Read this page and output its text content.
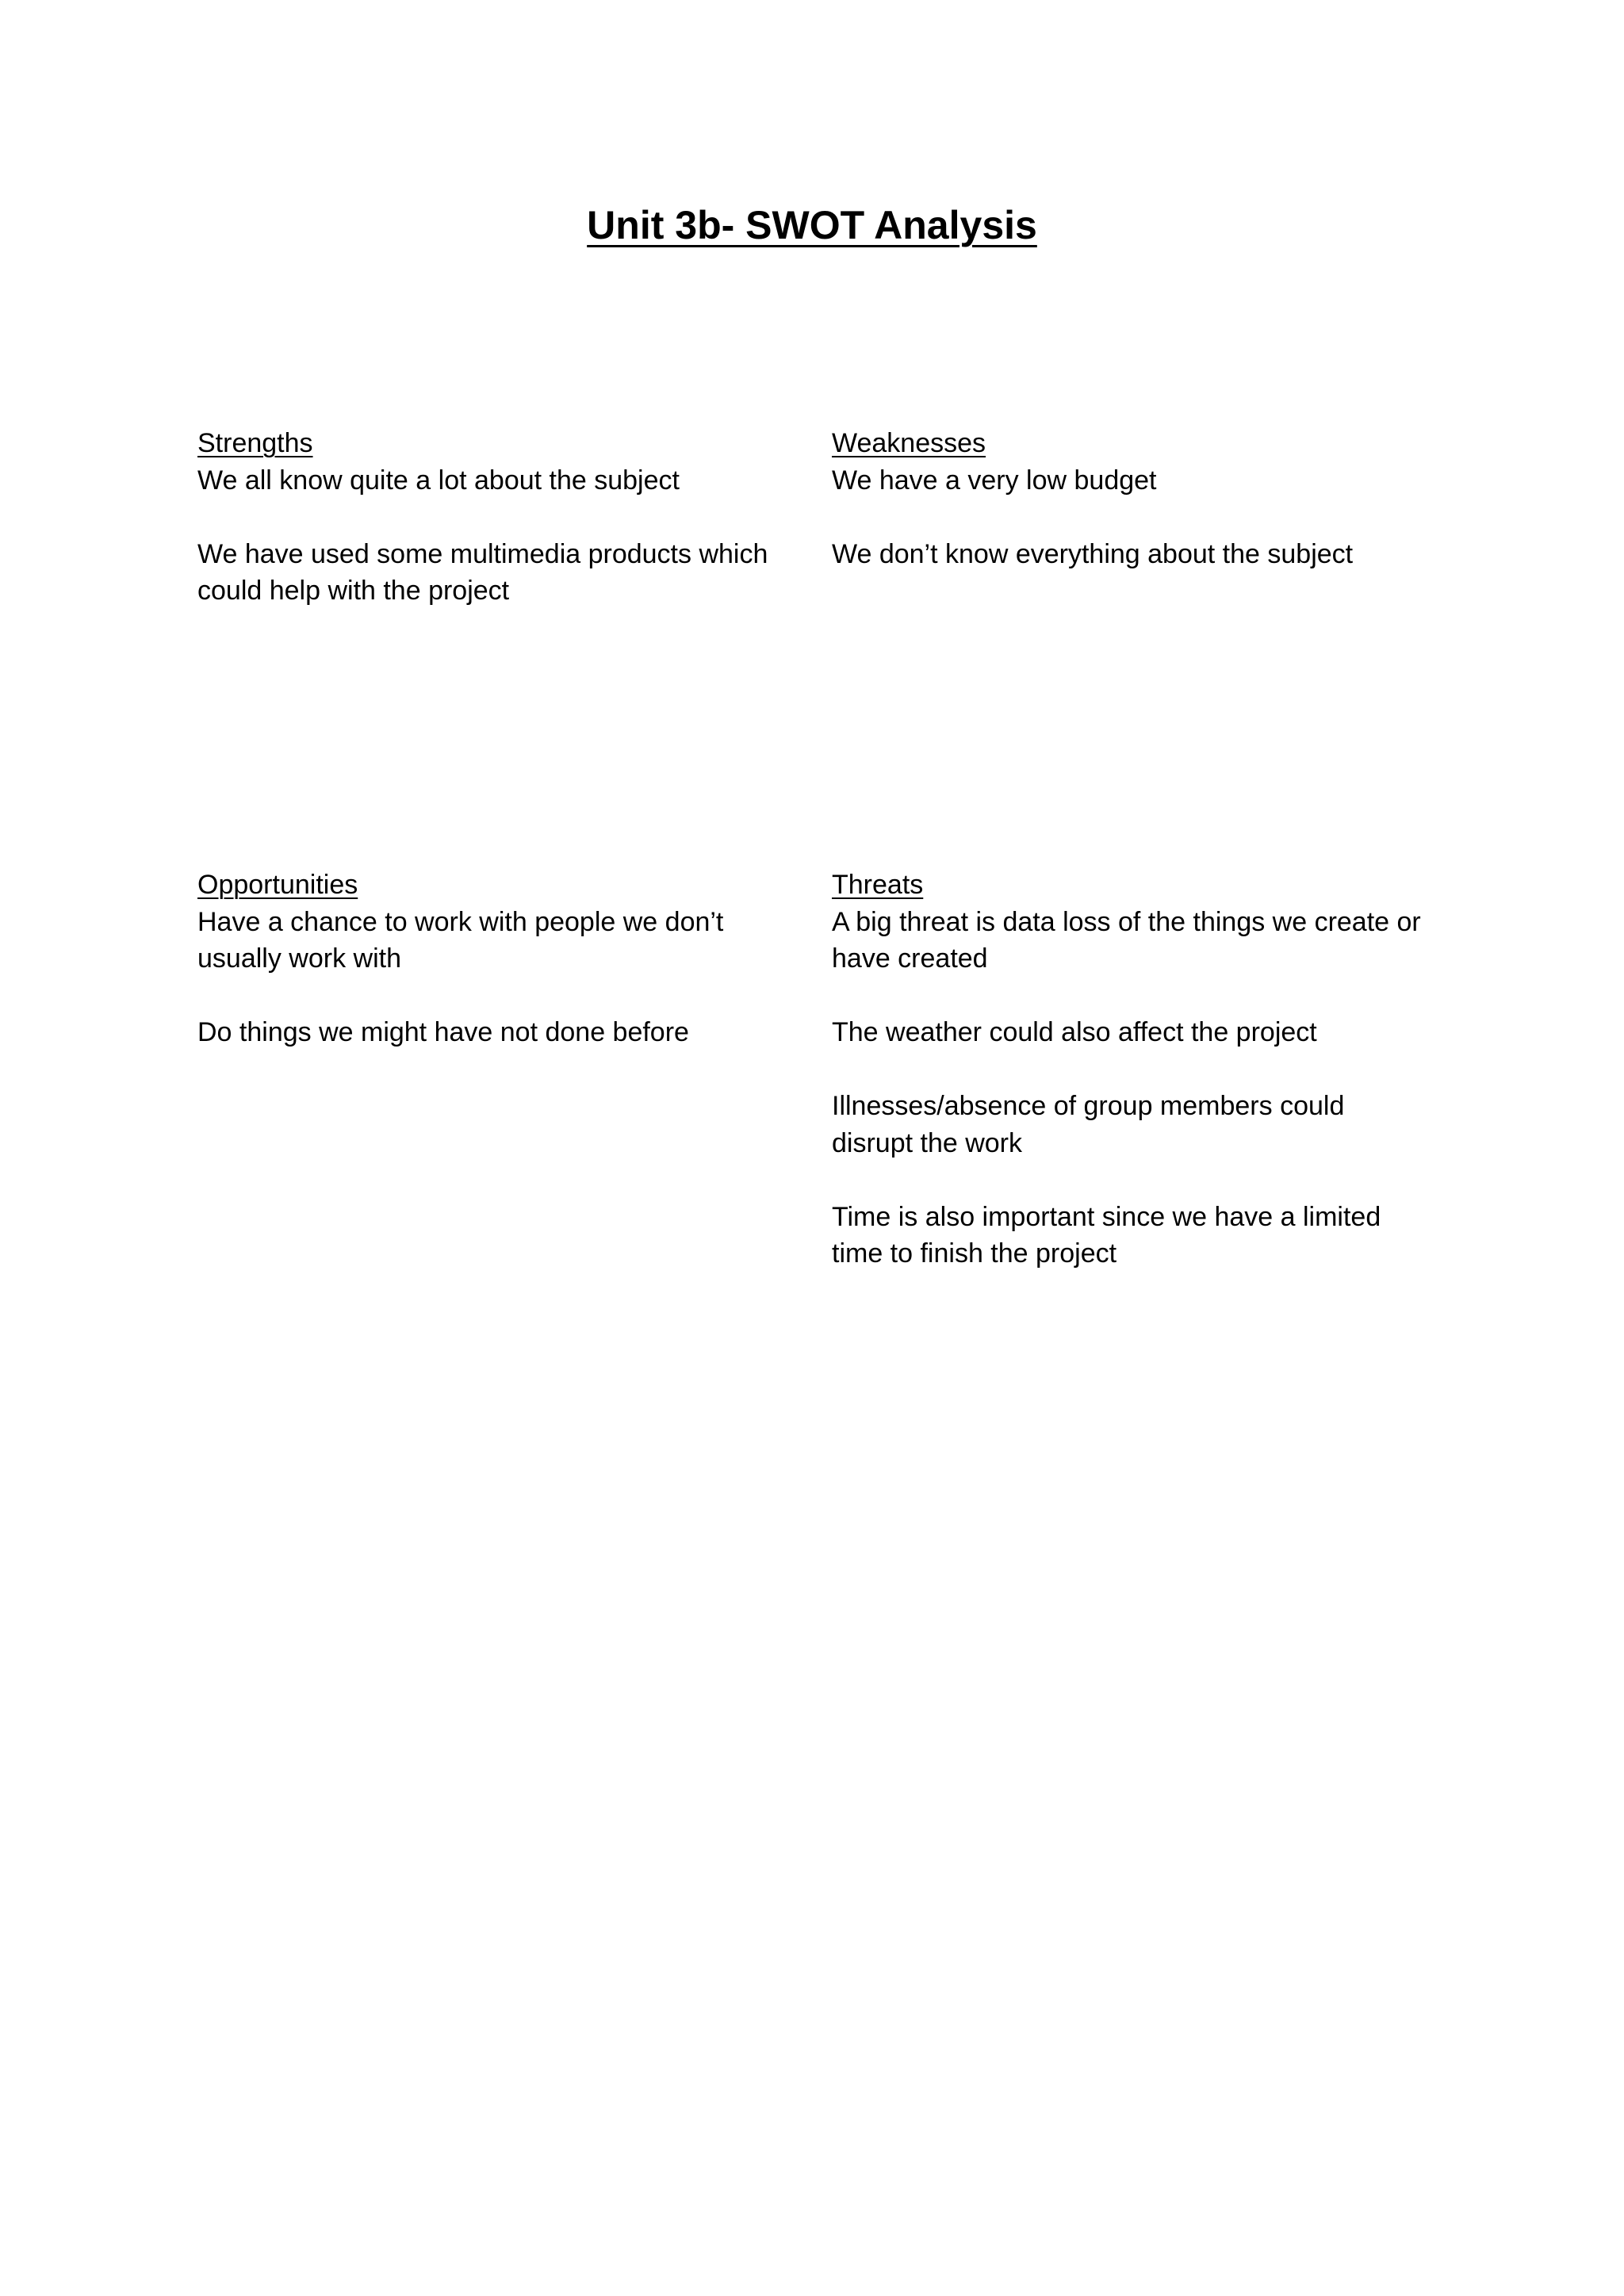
Unit 3b- SWOT Analysis
Strengths
We all know quite a lot about the subject
We have used some multimedia products which could help with the project
Weaknesses
We have a very low budget
We don’t know everything about the subject
Opportunities
Have a chance to work with people we don’t usually work with
Do things we might have not done before
Threats
A big threat is data loss of the things we create or have created
The weather could also affect the project
Illnesses/absence of group members could disrupt the work
Time is also important since we have a limited time to finish the project
